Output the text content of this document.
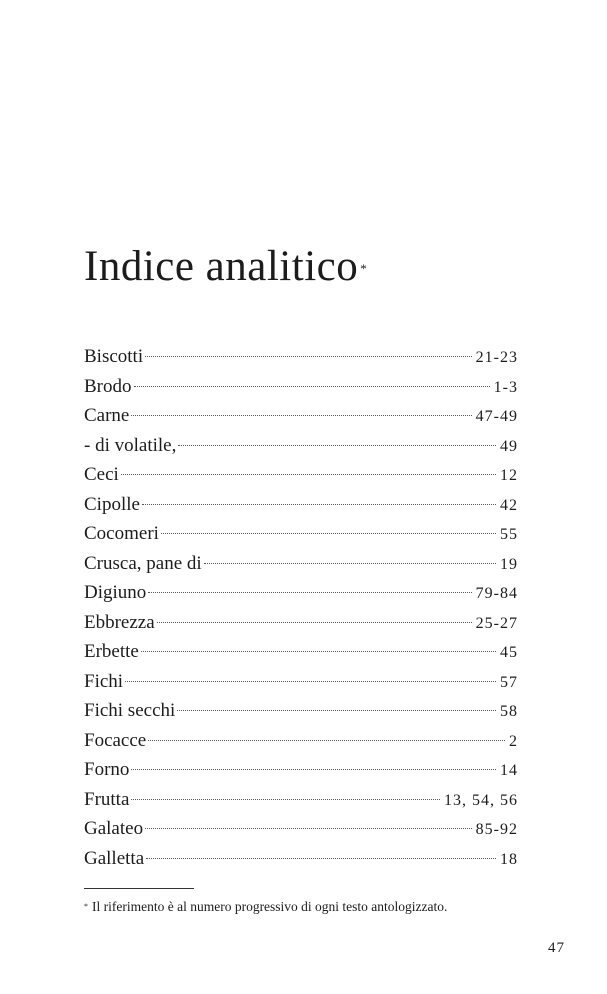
Indice analitico *
Biscotti	21-23
Brodo	1-3
Carne	47-49
- di volatile,	49
Ceci	12
Cipolle	42
Cocomeri	55
Crusca, pane di	19
Digiuno	79-84
Ebbrezza	25-27
Erbette	45
Fichi	57
Fichi secchi	58
Focacce	2
Forno	14
Frutta	13, 54, 56
Galateo	85-92
Galletta	18
* Il riferimento è al numero progressivo di ogni testo antologizzato.
47
